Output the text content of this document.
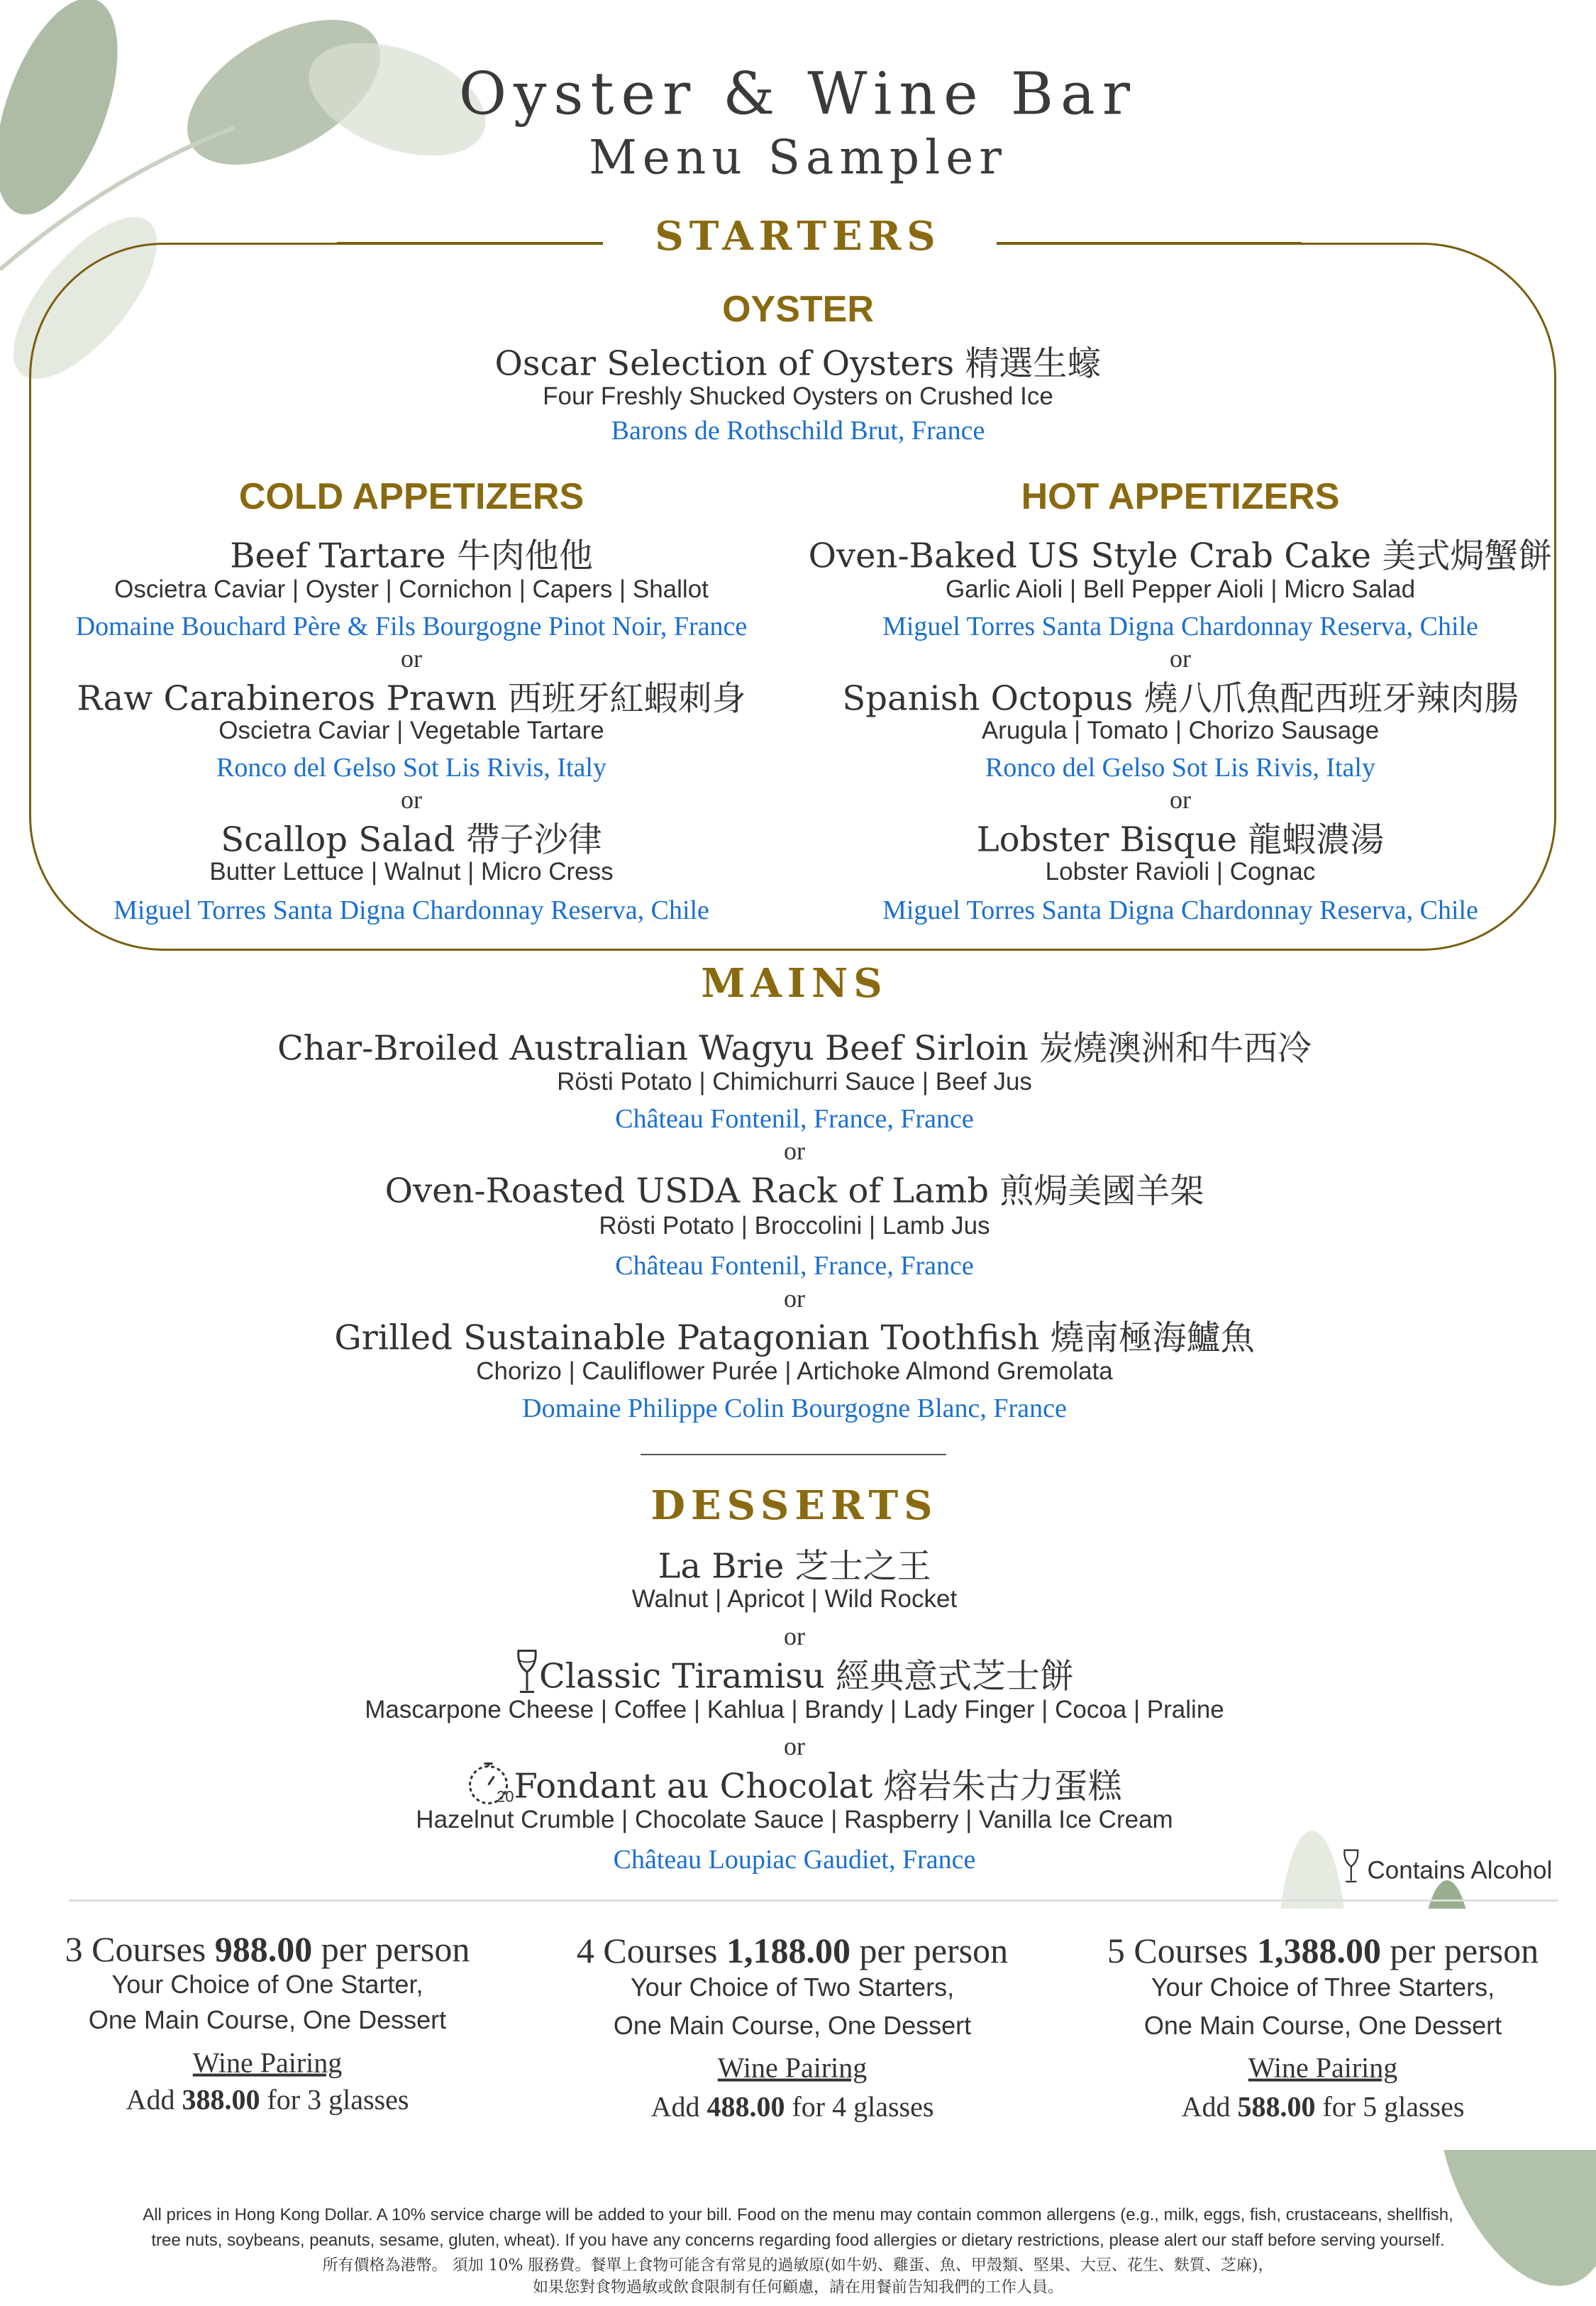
Oyster & Wine Bar
Menu Sampler
STARTERS
OYSTER
Oscar Selection of Oysters 精選生蠔
Four Freshly Shucked Oysters on Crushed Ice
Barons de Rothschild Brut, France
COLD APPETIZERS	HOT APPETIZERS
Beef Tartare 牛肉他他
Oscietra Caviar | Oyster | Cornichon | Capers | Shallot
Domaine Bouchard Père & Fils Bourgogne Pinot Noir, France
or
Raw Carabineros Prawn 西班牙紅蝦刺身
Oscietra Caviar | Vegetable Tartare
Ronco del Gelso Sot Lis Rivis, Italy
or
Scallop Salad 帶子沙律
Butter Lettuce | Walnut | Micro Cress
Miguel Torres Santa Digna Chardonnay Reserva, Chile
Oven-Baked US Style Crab Cake 美式焗蟹餅
Garlic Aioli | Bell Pepper Aioli | Micro Salad
Miguel Torres Santa Digna Chardonnay Reserva, Chile
or
Spanish Octopus 燒八爪魚配西班牙辣肉腸
Arugula | Tomato | Chorizo Sausage
Ronco del Gelso Sot Lis Rivis, Italy
or
Lobster Bisque 龍蝦濃湯
Lobster Ravioli | Cognac
Miguel Torres Santa Digna Chardonnay Reserva, Chile
MAINS
Char-Broiled Australian Wagyu Beef Sirloin 炭燒澳洲和牛西冷
Rösti Potato | Chimichurri Sauce | Beef Jus
Château Fontenil, France, France
or
Oven-Roasted USDA Rack of Lamb 煎焗美國羊架
Rösti Potato | Broccolini | Lamb Jus
Château Fontenil, France, France
or
Grilled Sustainable Patagonian Toothfish 燒南極海鱸魚
Chorizo | Cauliflower Purée | Artichoke Almond Gremolata
Domaine Philippe Colin Bourgogne Blanc, France
DESSERTS
La Brie 芝士之王
Walnut | Apricot | Wild Rocket
or
Classic Tiramisu 經典意式芝士餅
Mascarpone Cheese | Coffee | Kahlua | Brandy | Lady Finger | Cocoa | Praline
or
20 Fondant au Chocolat 熔岩朱古力蛋糕
Hazelnut Crumble | Chocolate Sauce | Raspberry | Vanilla Ice Cream
Château Loupiac Gaudiet, France	Contains Alcohol
3 Courses 988.00 per person
Your Choice of One Starter,
One Main Course, One Dessert
Wine Pairing
Add 388.00 for 3 glasses
4 Courses 1,188.00 per person
Your Choice of Two Starters,
One Main Course, One Dessert
Wine Pairing
Add 488.00 for 4 glasses
5 Courses 1,388.00 per person
Your Choice of Three Starters,
One Main Course, One Dessert
Wine Pairing
Add 588.00 for 5 glasses
All prices in Hong Kong Dollar. A 10% service charge will be added to your bill. Food on the menu may contain common allergens (e.g., milk, eggs, fish, crustaceans, shellfish,
tree nuts, soybeans, peanuts, sesame, gluten, wheat). If you have any concerns regarding food allergies or dietary restrictions, please alert our staff before serving yourself.
所有價格為港幣。 須加 10% 服務費。餐單上食物可能含有常見的過敏原(如牛奶、雞蛋、魚、甲殼類、堅果、大豆、花生、麩質、芝麻)，
如果您對食物過敏或飲食限制有任何顧慮，請在用餐前告知我們的工作人員。
